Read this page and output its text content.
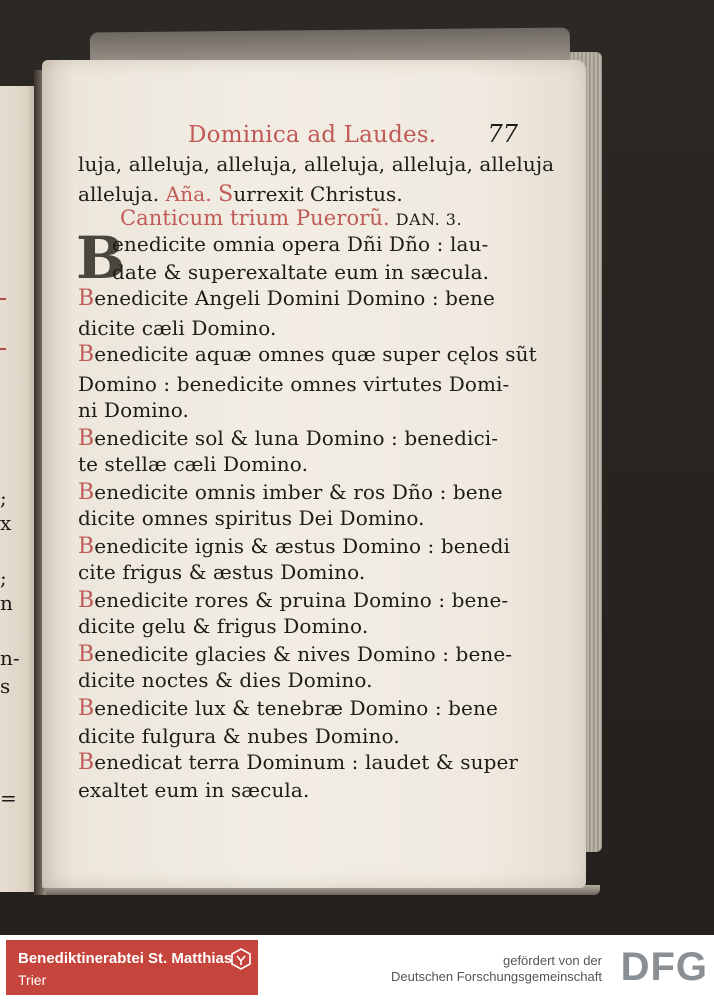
;
x
;
n
n-
s
=
Dominica ad Laudes. 77
B
luja, alleluja, alleluja, alleluja, alleluja, alleluja
alleluja. Aña. Surrexit Christus.
Canticum trium Puerorũ. DAN. 3.
enedicite omnia opera Dñi Dño : lau-
date & superexaltate eum in sæcula.
Benedicite Angeli Domini Domino : bene
dicite cæli Domino.
Benedicite aquæ omnes quæ super cęlos sũt
Domino : benedicite omnes virtutes Domi-
ni Domino.
Benedicite sol & luna Domino : benedici-
te stellæ cæli Domino.
Benedicite omnis imber & ros Dño : bene
dicite omnes spiritus Dei Domino.
Benedicite ignis & æstus Domino : benedi
cite frigus & æstus Domino.
Benedicite rores & pruina Domino : bene-
dicite gelu & frigus Domino.
Benedicite glacies & nives Domino : bene-
dicite noctes & dies Domino.
Benedicite lux & tenebræ Domino : bene
dicite fulgura & nubes Domino.
Benedicat terra Dominum : laudet & super
exaltet eum in sæcula.
Benediktinerabtei St. Matthias
Trier
gefördert von der
Deutschen Forschungsgemeinschaft DFG
